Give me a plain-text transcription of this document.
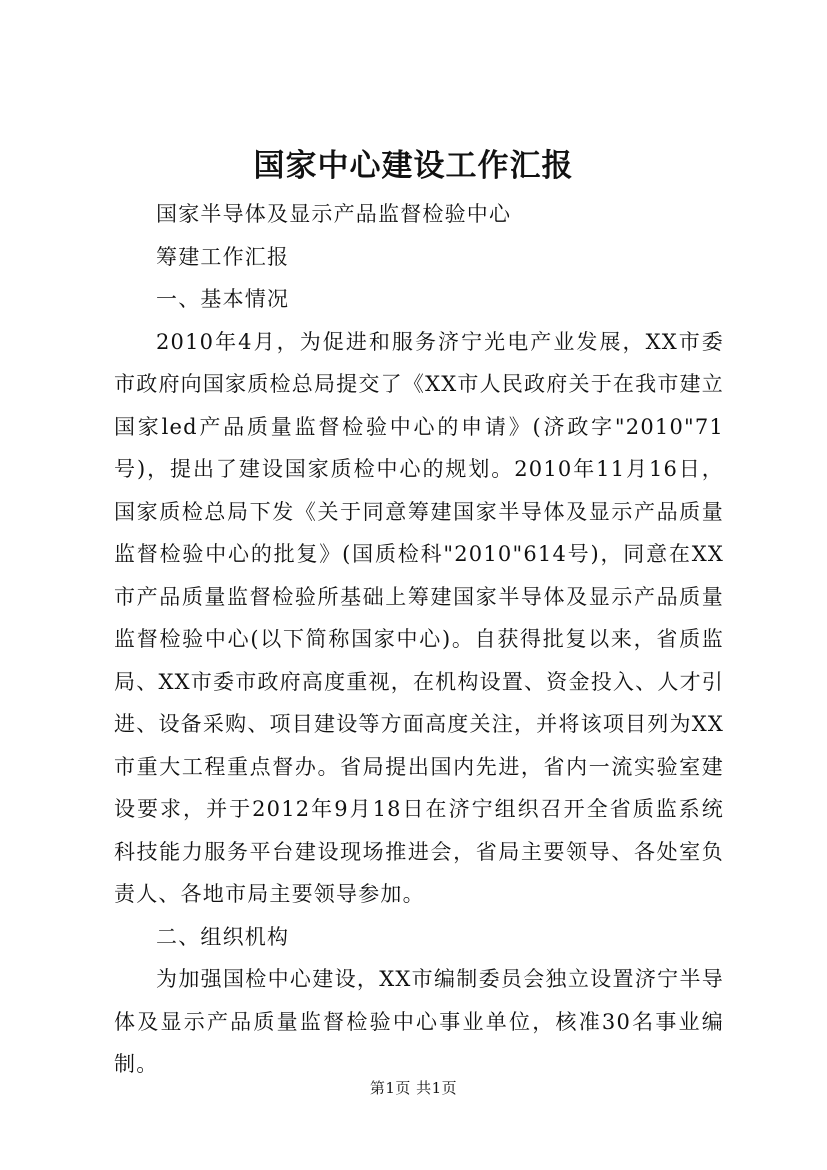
国家中心建设工作汇报

国家半导体及显示产品监督检验中心

筹建工作汇报

一、基本情况

2010年4月，为促进和服务济宁光电产业发展，XX市委市政府向国家质检总局提交了《XX市人民政府关于在我市建立国家led产品质量监督检验中心的申请》(济政字"2010"71号)，提出了建设国家质检中心的规划。2010年11月16日，国家质检总局下发《关于同意筹建国家半导体及显示产品质量监督检验中心的批复》(国质检科"2010"614号)，同意在XX市产品质量监督检验所基础上筹建国家半导体及显示产品质量监督检验中心(以下简称国家中心)。自获得批复以来，省质监局、XX市委市政府高度重视，在机构设置、资金投入、人才引进、设备采购、项目建设等方面高度关注，并将该项目列为XX市重大工程重点督办。省局提出国内先进，省内一流实验室建设要求，并于2012年9月18日在济宁组织召开全省质监系统科技能力服务平台建设现场推进会，省局主要领导、各处室负责人、各地市局主要领导参加。

二、组织机构

为加强国检中心建设，XX市编制委员会独立设置济宁半导体及显示产品质量监督检验中心事业单位，核准30名事业编制。

第1页 共1页
